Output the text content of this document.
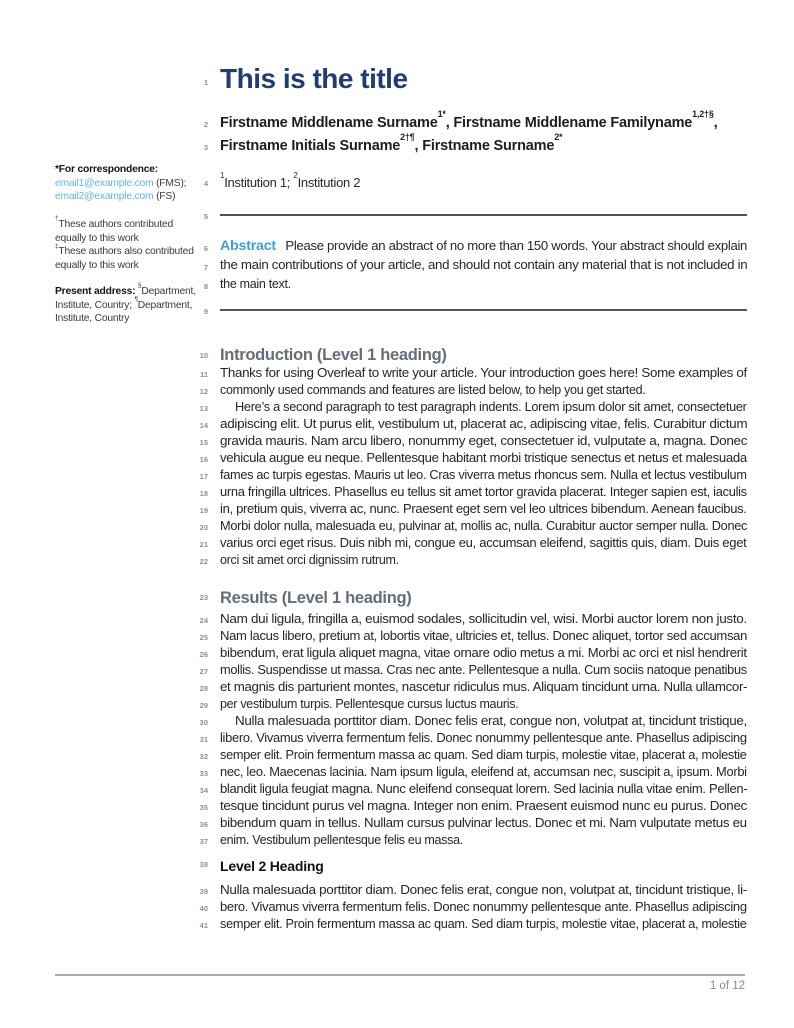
*For correspondence:
email1@example.com (FMS);
email2@example.com (FS)
†These authors contributed equally to this work
‡These authors also contributed equally to this work
Present address: §Department, Institute, Country; ¶Department, Institute, Country
1 This is the title
2 Firstname Middlename Surname$^{1*}$, Firstname Middlename Familyname$^{1,2\dagger\S}$,
3 Firstname Initials Surname$^{2\dagger\P}$, Firstname Surname$^{2*}$
4
$^1$Institution 1; $^2$Institution 2
5
6 Abstract Please provide an abstract of no more than 150 words. Your abstract should explain
7 the main contributions of your article, and should not contain any material that is not included in
8 the main text.
9
10 Introduction (Level 1 heading)
11 Thanks for using Overleaf to write your article. Your introduction goes here! Some examples of
12 commonly used commands and features are listed below, to help you get started.
13 Here’s a second paragraph to test paragraph indents. Lorem ipsum dolor sit amet, consectetuer
14 adipiscing elit. Ut purus elit, vestibulum ut, placerat ac, adipiscing vitae, felis. Curabitur dictum
15 gravida mauris. Nam arcu libero, nonummy eget, consectetuer id, vulputate a, magna. Donec
16 vehicula augue eu neque. Pellentesque habitant morbi tristique senectus et netus et malesuada
17 fames ac turpis egestas. Mauris ut leo. Cras viverra metus rhoncus sem. Nulla et lectus vestibulum
18 urna fringilla ultrices. Phasellus eu tellus sit amet tortor gravida placerat. Integer sapien est, iaculis
19 in, pretium quis, viverra ac, nunc. Praesent eget sem vel leo ultrices bibendum. Aenean faucibus.
20 Morbi dolor nulla, malesuada eu, pulvinar at, mollis ac, nulla. Curabitur auctor semper nulla. Donec
21 varius orci eget risus. Duis nibh mi, congue eu, accumsan eleifend, sagittis quis, diam. Duis eget
22 orci sit amet orci dignissim rutrum.
23 Results (Level 1 heading)
24 Nam dui ligula, fringilla a, euismod sodales, sollicitudin vel, wisi. Morbi auctor lorem non justo.
25 Nam lacus libero, pretium at, lobortis vitae, ultricies et, tellus. Donec aliquet, tortor sed accumsan
26 bibendum, erat ligula aliquet magna, vitae ornare odio metus a mi. Morbi ac orci et nisl hendrerit
27 mollis. Suspendisse ut massa. Cras nec ante. Pellentesque a nulla. Cum sociis natoque penatibus
28 et magnis dis parturient montes, nascetur ridiculus mus. Aliquam tincidunt urna. Nulla ullamcor-
29 per vestibulum turpis. Pellentesque cursus luctus mauris.
30 Nulla malesuada porttitor diam. Donec felis erat, congue non, volutpat at, tincidunt tristique,
31 libero. Vivamus viverra fermentum felis. Donec nonummy pellentesque ante. Phasellus adipiscing
32 semper elit. Proin fermentum massa ac quam. Sed diam turpis, molestie vitae, placerat a, molestie
33 nec, leo. Maecenas lacinia. Nam ipsum ligula, eleifend at, accumsan nec, suscipit a, ipsum. Morbi
34 blandit ligula feugiat magna. Nunc eleifend consequat lorem. Sed lacinia nulla vitae enim. Pellen-
35 tesque tincidunt purus vel magna. Integer non enim. Praesent euismod nunc eu purus. Donec
36 bibendum quam in tellus. Nullam cursus pulvinar lectus. Donec et mi. Nam vulputate metus eu
37 enim. Vestibulum pellentesque felis eu massa.
38 Level 2 Heading
39 Nulla malesuada porttitor diam. Donec felis erat, congue non, volutpat at, tincidunt tristique, li-
40 bero. Vivamus viverra fermentum felis. Donec nonummy pellentesque ante. Phasellus adipiscing
41 semper elit. Proin fermentum massa ac quam. Sed diam turpis, molestie vitae, placerat a, molestie
1 of 12
